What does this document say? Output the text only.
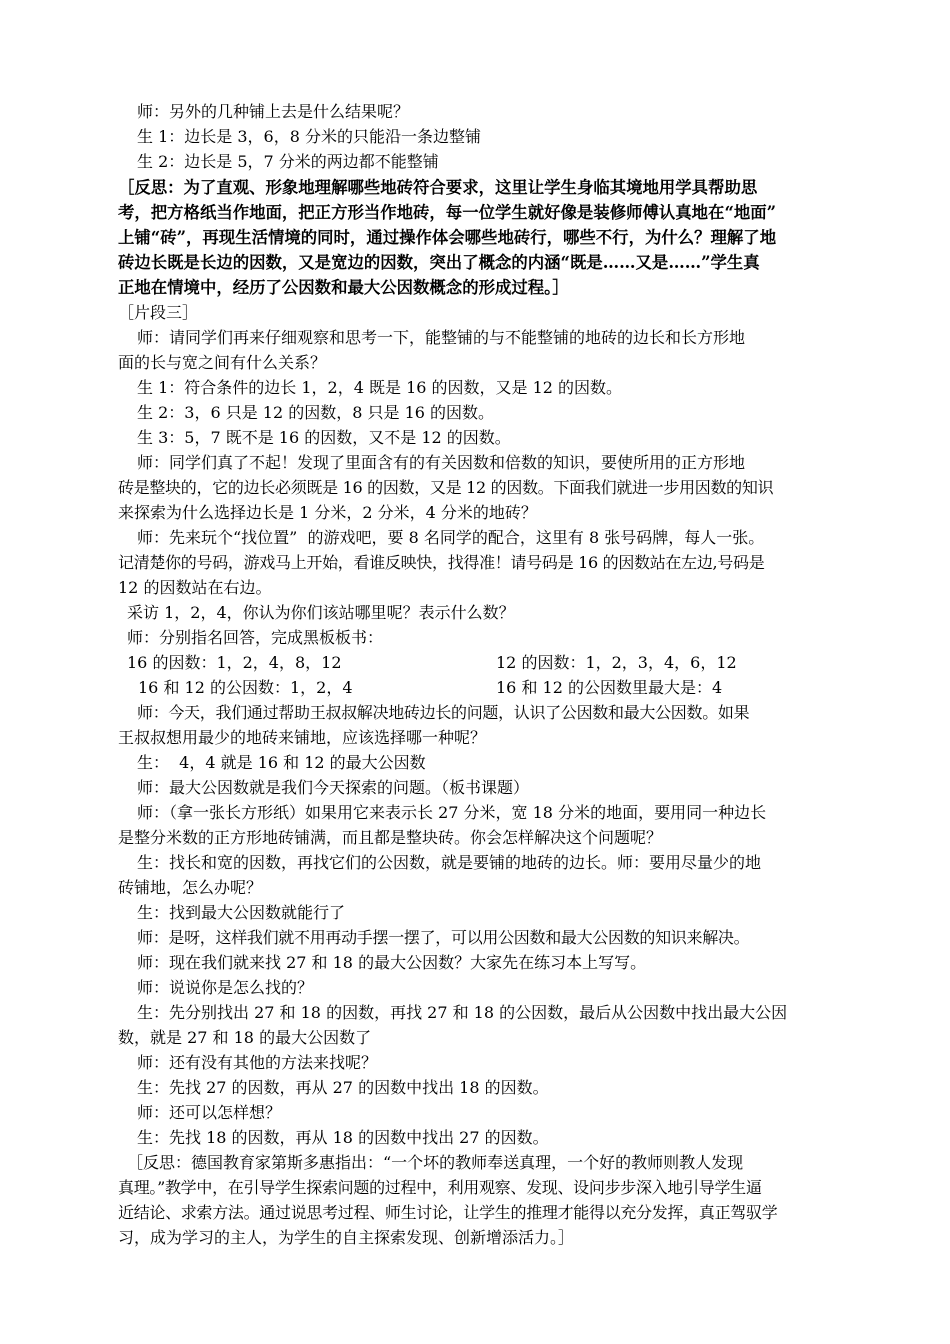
师：另外的几种铺上去是什么结果呢？
生 1：边长是 3，6，8 分米的只能沿一条边整铺
生 2：边长是 5，7 分米的两边都不能整铺
［反思：为了直观、形象地理解哪些地砖符合要求，这里让学生身临其境地用学具帮助思
考，把方格纸当作地面，把正方形当作地砖，每一位学生就好像是装修师傅认真地在“地面”
上铺“砖”，再现生活情境的同时，通过操作体会哪些地砖行，哪些不行，为什么？理解了地
砖边长既是长边的因数，又是宽边的因数，突出了概念的内涵“既是……又是……”学生真
正地在情境中，经历了公因数和最大公因数概念的形成过程。］
［片段三］
师：请同学们再来仔细观察和思考一下，能整铺的与不能整铺的地砖的边长和长方形地
面的长与宽之间有什么关系？
生 1：符合条件的边长 1，2，4 既是 16 的因数，又是 12 的因数。
生 2：3，6 只是 12 的因数，8 只是 16 的因数。
生 3：5，7 既不是 16 的因数，又不是 12 的因数。
师：同学们真了不起！发现了里面含有的有关因数和倍数的知识，要使所用的正方形地
砖是整块的，它的边长必须既是 16 的因数，又是 12 的因数。下面我们就进一步用因数的知识
来探索为什么选择边长是 1 分米，2 分米，4 分米的地砖？
师：先来玩个“找位置”  的游戏吧，要 8 名同学的配合，这里有 8 张号码牌，每人一张。
记清楚你的号码，游戏马上开始，看谁反映快，找得准！请号码是 16 的因数站在左边,号码是
12 的因数站在右边。
采访 1，2，4，你认为你们该站哪里呢？表示什么数？
师：分别指名回答，完成黑板板书：
16 的因数：1，2，4，8，12	12 的因数：1，2，3，4，6，12
16 和 12 的公因数：1，2，4	16 和 12 的公因数里最大是：4
师：今天，我们通过帮助王叔叔解决地砖边长的问题，认识了公因数和最大公因数。如果
王叔叔想用最少的地砖来铺地，应该选择哪一种呢？
生：  4，4 就是 16 和 12 的最大公因数
师：最大公因数就是我们今天探索的问题。（板书课题）
师：（拿一张长方形纸）如果用它来表示长 27 分米，宽 18 分米的地面，要用同一种边长
是整分米数的正方形地砖铺满，而且都是整块砖。你会怎样解决这个问题呢？
生：找长和宽的因数，再找它们的公因数，就是要铺的地砖的边长。师：要用尽量少的地
砖铺地，怎么办呢？
生：找到最大公因数就能行了
师：是呀，这样我们就不用再动手摆一摆了，可以用公因数和最大公因数的知识来解决。
师：现在我们就来找 27 和 18 的最大公因数？大家先在练习本上写写。
师：说说你是怎么找的？
生：先分别找出 27 和 18 的因数，再找 27 和 18 的公因数，最后从公因数中找出最大公因
数，就是 27 和 18 的最大公因数了
师：还有没有其他的方法来找呢？
生：先找 27 的因数，再从 27 的因数中找出 18 的因数。
师：还可以怎样想？
生：先找 18 的因数，再从 18 的因数中找出 27 的因数。
［反思：德国教育家第斯多惠指出：“一个坏的教师奉送真理，一个好的教师则教人发现
真理。”教学中，在引导学生探索问题的过程中，利用观察、发现、设问步步深入地引导学生逼
近结论、求索方法。通过说思考过程、师生讨论，让学生的推理才能得以充分发挥，真正驾驭学
习，成为学习的主人，为学生的自主探索发现、创新增添活力。］
